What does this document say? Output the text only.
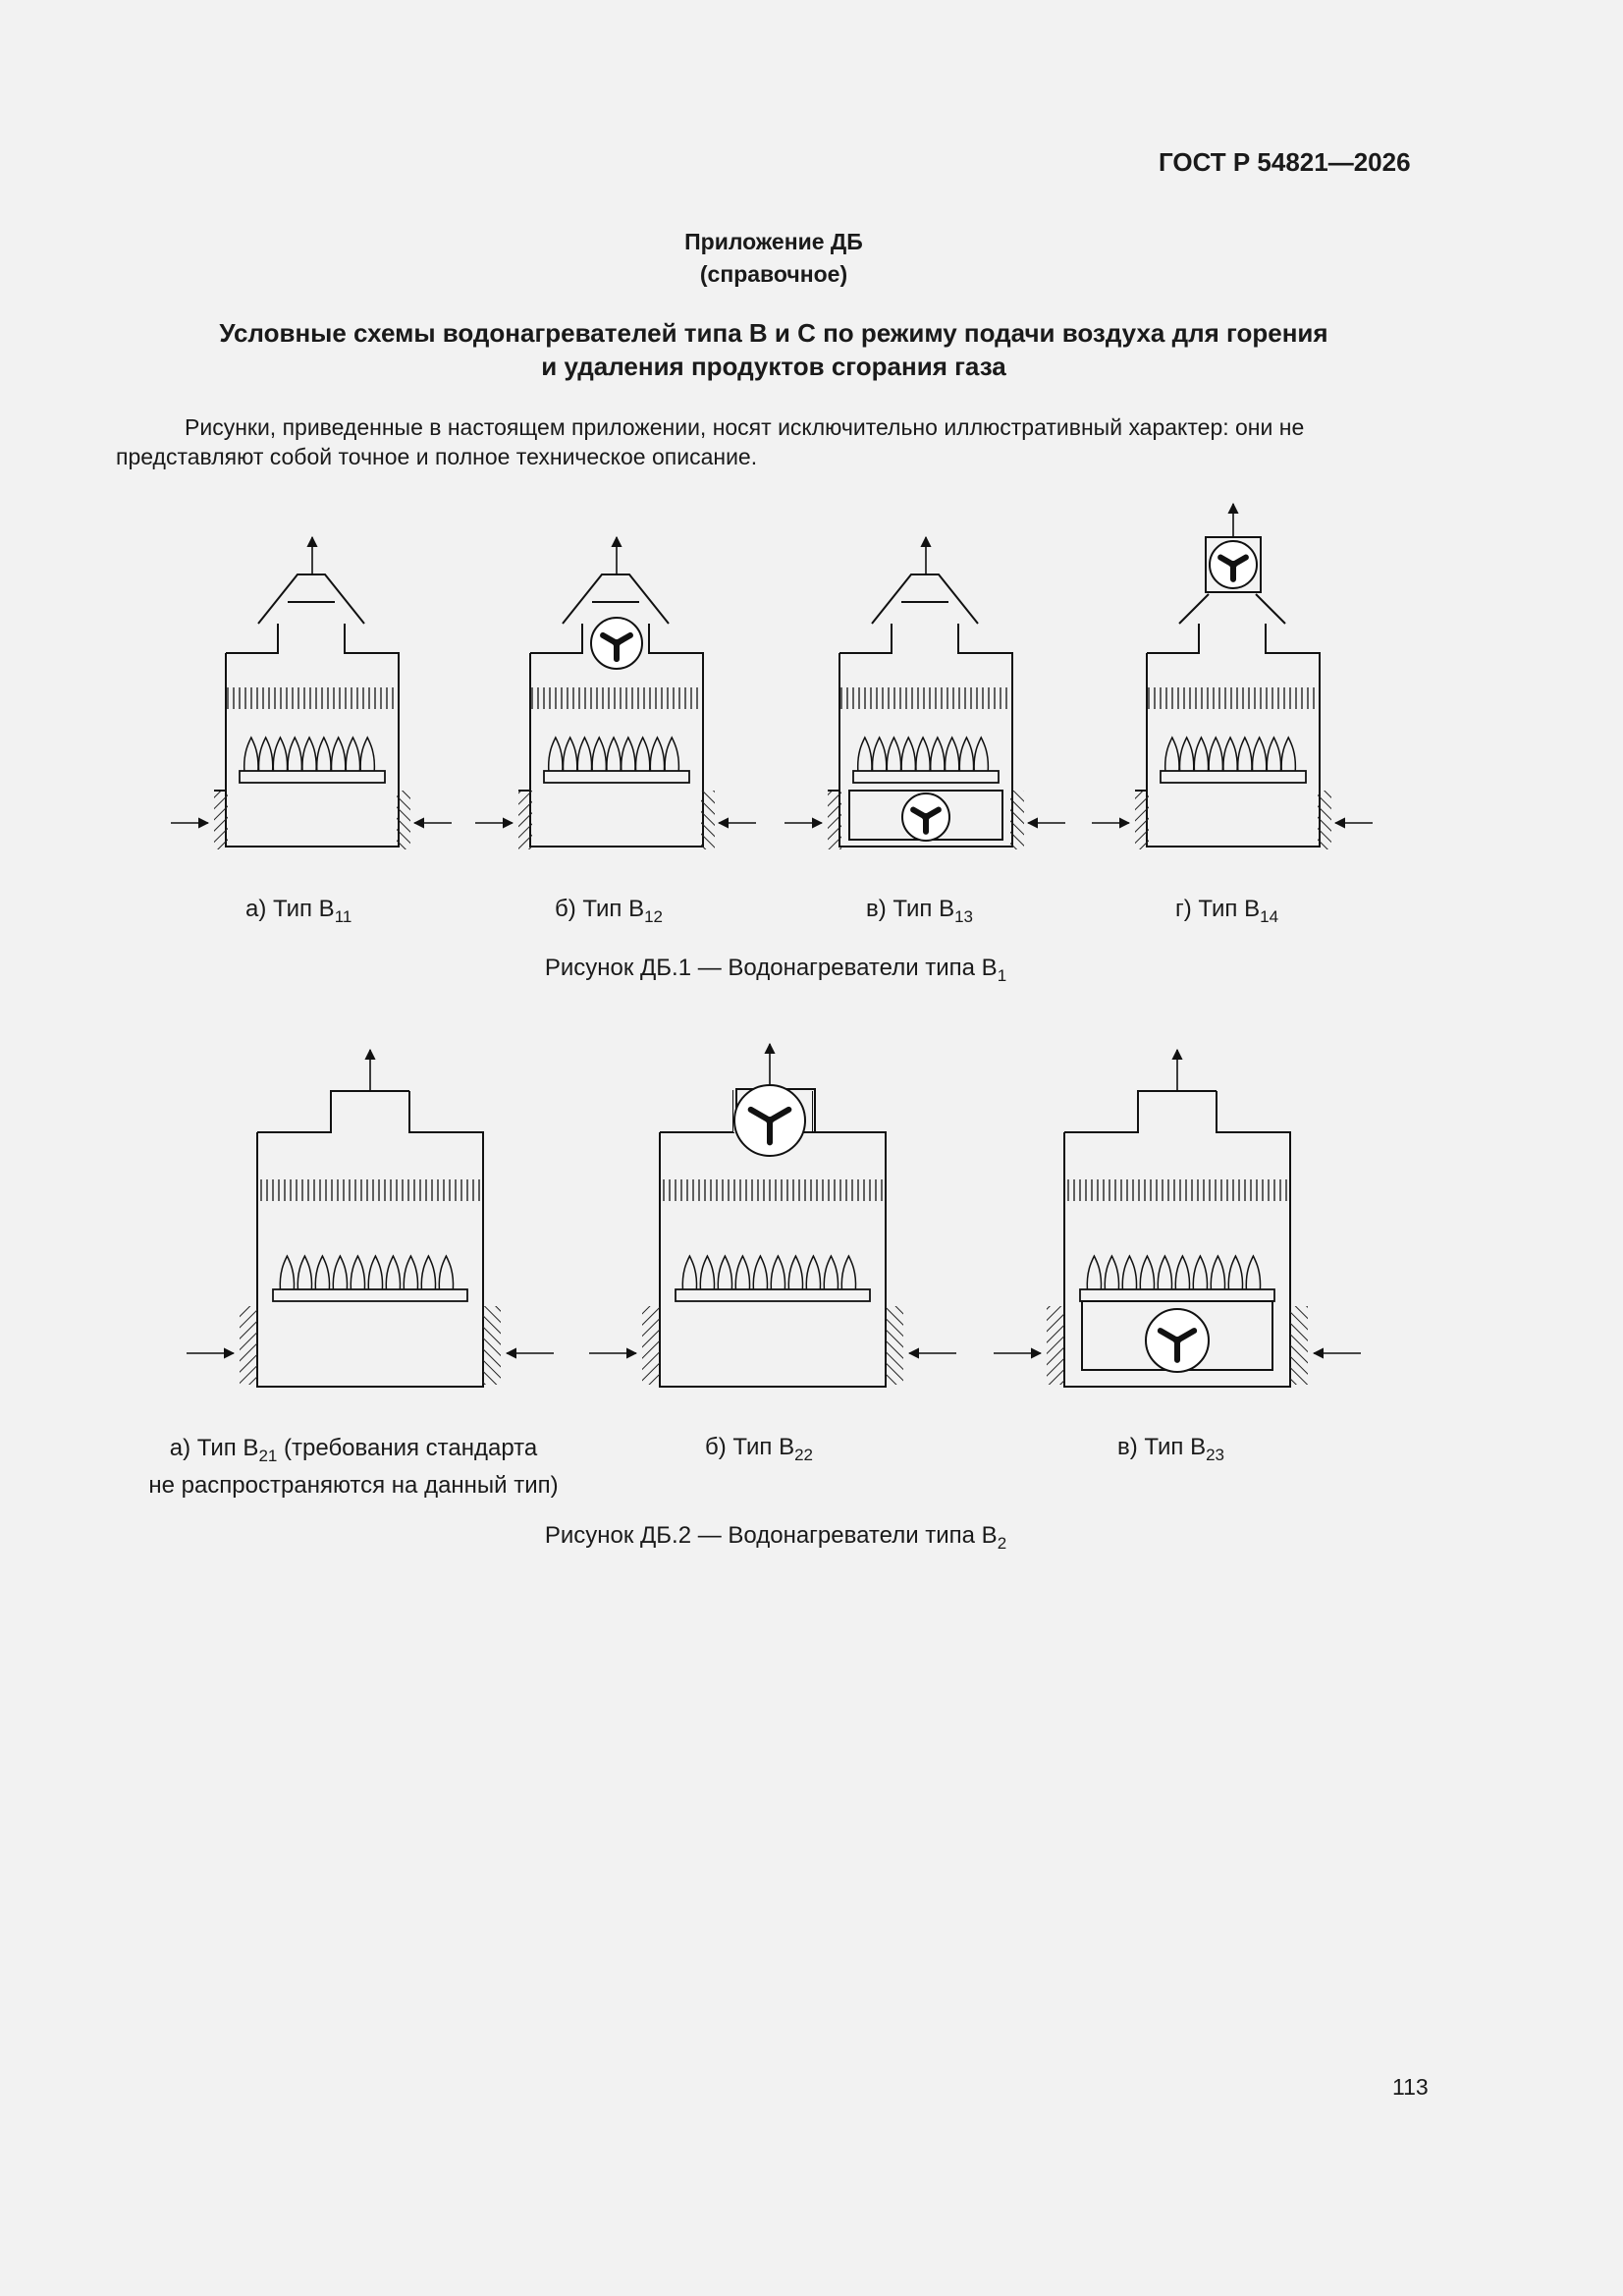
ГОСТ Р 54821—2026
Приложение ДБ
(справочное)
Условные схемы водонагревателей типа В и С по режиму подачи воздуха для горения
и удаления продуктов сгорания газа
Рисунки, приведенные в настоящем приложении, носят исключительно иллюстративный характер: они не
представляют собой точное и полное техническое описание.
а) Тип $В_{11}$	б) Тип $В_{12}$	в) Тип $В_{13}$	г) Тип $В_{14}$
Рисунок ДБ.1 — Водонагреватели типа $В_1$
а) Тип $В_{21}$ (требования стандарта
не распространяются на данный тип)
б) Тип $В_{22}$	в) Тип $В_{23}$
Рисунок ДБ.2 — Водонагреватели типа $В_2$
113
